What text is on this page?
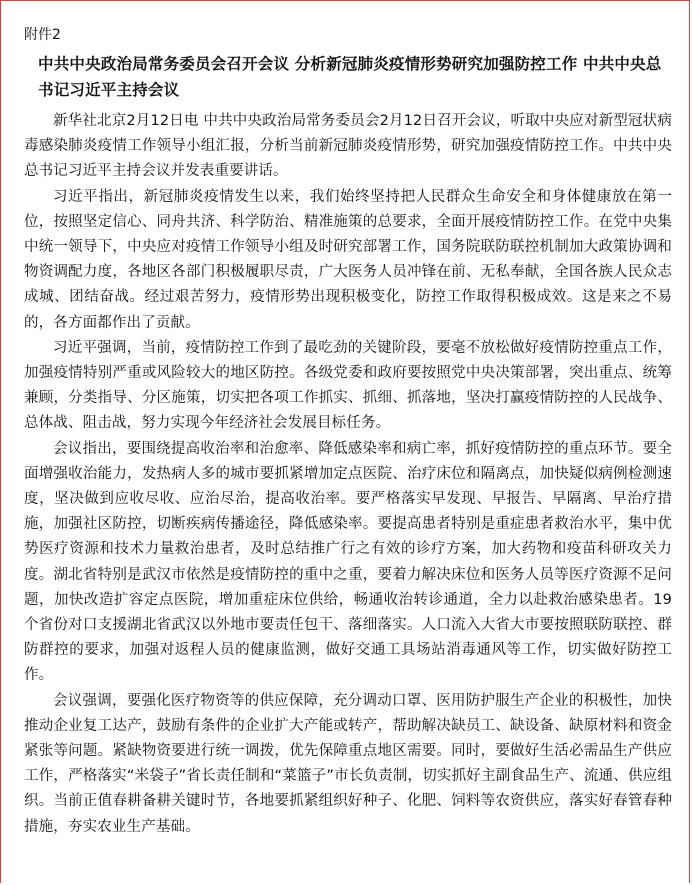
附件2
中共中央政治局常务委员会召开会议 分析新冠肺炎疫情形势研究加强防控工作 中共中央总书记习近平主持会议

新华社北京2月12日电 中共中央政治局常务委员会2月12日召开会议，听取中央应对新型冠状病毒感染肺炎疫情工作领导小组汇报，分析当前新冠肺炎疫情形势，研究加强疫情防控工作。中共中央总书记习近平主持会议并发表重要讲话。

习近平指出，新冠肺炎疫情发生以来，我们始终坚持把人民群众生命安全和身体健康放在第一位，按照坚定信心、同舟共济、科学防治、精准施策的总要求，全面开展疫情防控工作。在党中央集中统一领导下，中央应对疫情工作领导小组及时研究部署工作，国务院联防联控机制加大政策协调和物资调配力度，各地区各部门积极履职尽责，广大医务人员冲锋在前、无私奉献，全国各族人民众志成城、团结奋战。经过艰苦努力，疫情形势出现积极变化，防控工作取得积极成效。这是来之不易的，各方面都作出了贡献。

习近平强调，当前，疫情防控工作到了最吃劲的关键阶段，要毫不放松做好疫情防控重点工作，加强疫情特别严重或风险较大的地区防控。各级党委和政府要按照党中央决策部署，突出重点、统筹兼顾，分类指导、分区施策，切实把各项工作抓实、抓细、抓落地，坚决打赢疫情防控的人民战争、总体战、阻击战，努力实现今年经济社会发展目标任务。

会议指出，要围绕提高收治率和治愈率、降低感染率和病亡率，抓好疫情防控的重点环节。要全面增强收治能力，发热病人多的城市要抓紧增加定点医院、治疗床位和隔离点，加快疑似病例检测速度，坚决做到应收尽收、应治尽治，提高收治率。要严格落实早发现、早报告、早隔离、早治疗措施，加强社区防控，切断疾病传播途径，降低感染率。要提高患者特别是重症患者救治水平，集中优势医疗资源和技术力量救治患者，及时总结推广行之有效的诊疗方案，加大药物和疫苗科研攻关力度。湖北省特别是武汉市依然是疫情防控的重中之重，要着力解决床位和医务人员等医疗资源不足问题，加快改造扩容定点医院，增加重症床位供给，畅通收治转诊通道，全力以赴救治感染患者。19个省份对口支援湖北省武汉以外地市要责任包干、落细落实。人口流入大省大市要按照联防联控、群防群控的要求，加强对返程人员的健康监测，做好交通工具场站消毒通风等工作，切实做好防控工作。

会议强调，要强化医疗物资等的供应保障，充分调动口罩、医用防护服生产企业的积极性，加快推动企业复工达产，鼓励有条件的企业扩大产能或转产，帮助解决缺员工、缺设备、缺原材料和资金紧张等问题。紧缺物资要进行统一调拨，优先保障重点地区需要。同时，要做好生活必需品生产供应工作，严格落实“米袋子”省长责任制和“菜篮子”市长负责制，切实抓好主副食品生产、流通、供应组织。当前正值春耕备耕关键时节，各地要抓紧组织好种子、化肥、饲料等农资供应，落实好春管春种措施，夯实农业生产基础。
